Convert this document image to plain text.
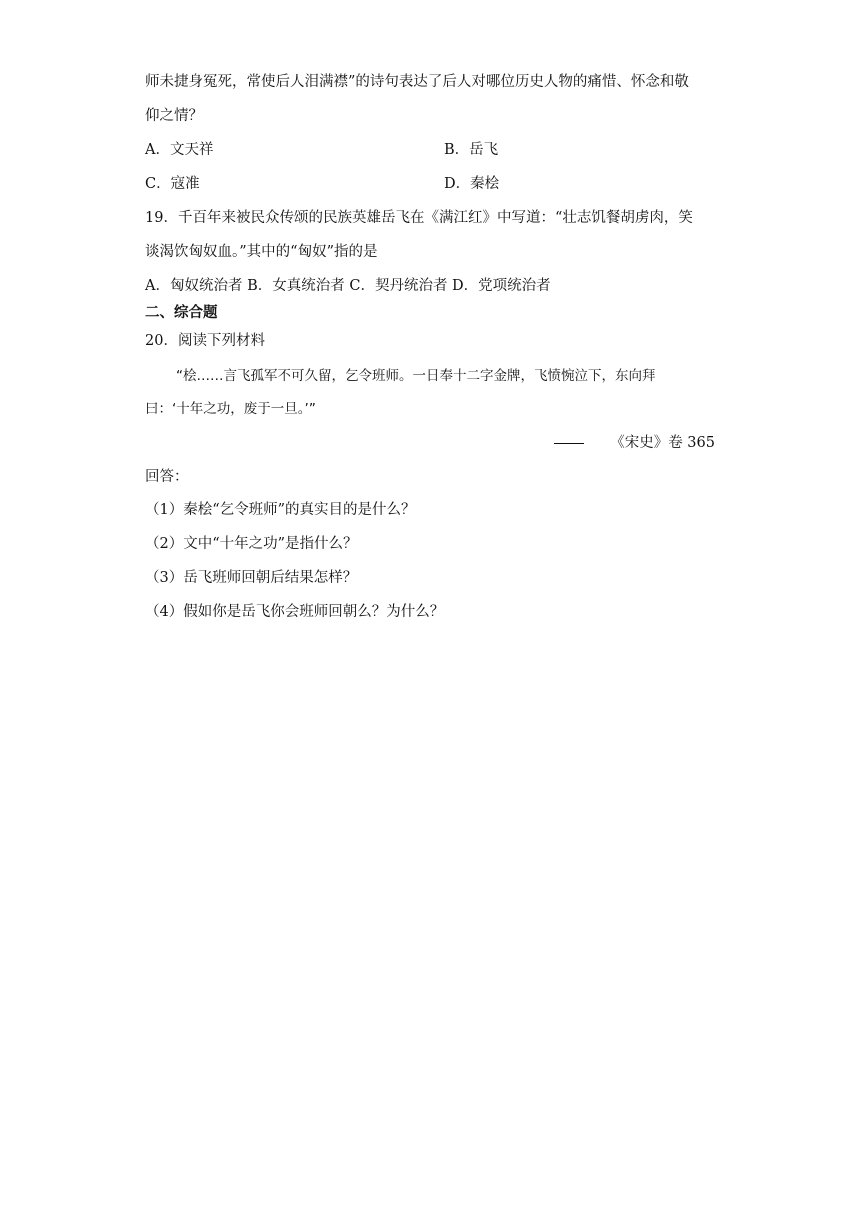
师未捷身冤死，常使后人泪满襟”的诗句表达了后人对哪位历史人物的痛惜、怀念和敬
仰之情？
A．文天祥	B．岳飞
C．寇准	D．秦桧
19．千百年来被民众传颂的民族英雄岳飞在《满江红》中写道：“壮志饥餐胡虏肉，笑
谈渴饮匈奴血。”其中的“匈奴”指的是
A．匈奴统治者 B．女真统治者 C．契丹统治者 D．党项统治者
二、综合题
20．阅读下列材料
“桧……言飞孤军不可久留，乞令班师。一日奉十二字金牌，飞愤惋泣下，东向拜
曰：‘十年之功，废于一旦。’”
《宋史》卷 365
回答：
（1）秦桧“乞令班师”的真实目的是什么？
（2）文中“十年之功”是指什么？
（3）岳飞班师回朝后结果怎样？
（4）假如你是岳飞你会班师回朝么？为什么？
